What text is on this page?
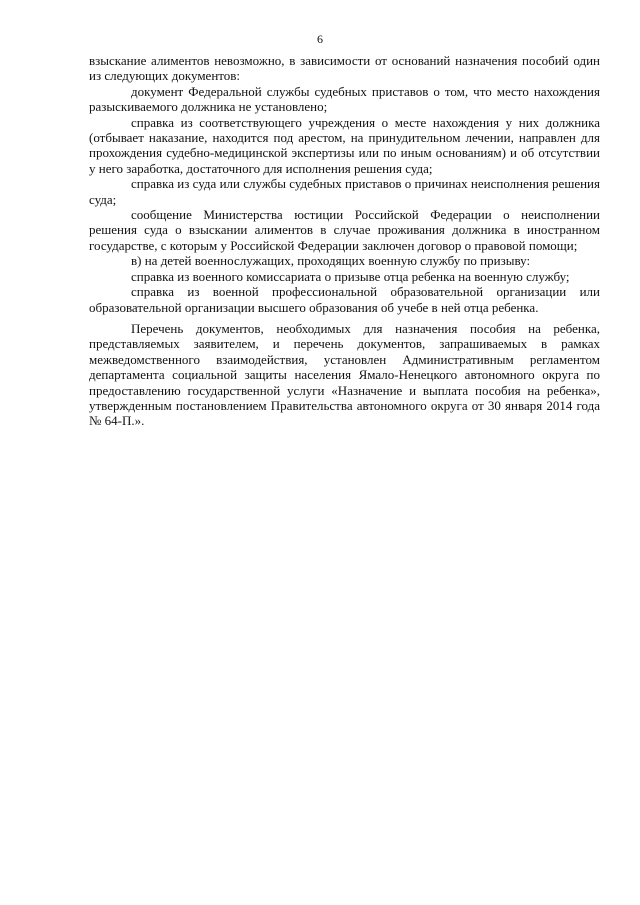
6

взыскание алиментов невозможно, в зависимости от оснований назначения пособий один из следующих документов:

документ Федеральной службы судебных приставов о том, что место нахождения разыскиваемого должника не установлено;

справка из соответствующего учреждения о месте нахождения у них должника (отбывает наказание, находится под арестом, на принудительном лечении, направлен для прохождения судебно-медицинской экспертизы или по иным основаниям) и об отсутствии у него заработка, достаточного для исполнения решения суда;

справка из суда или службы судебных приставов о причинах неисполнения решения суда;

сообщение Министерства юстиции Российской Федерации о неисполнении решения суда о взыскании алиментов в случае проживания должника в иностранном государстве, с которым у Российской Федерации заключен договор о правовой помощи;

в) на детей военнослужащих, проходящих военную службу по призыву:

справка из военного комиссариата о призыве отца ребенка на военную службу;

справка из военной профессиональной образовательной организации или образовательной организации высшего образования об учебе в ней отца ребенка.

Перечень документов, необходимых для назначения пособия на ребенка, представляемых заявителем, и перечень документов, запрашиваемых в рамках межведомственного взаимодействия, установлен Административным регламентом департамента социальной защиты населения Ямало-Ненецкого автономного округа по предоставлению государственной услуги «Назначение и выплата пособия на ребенка», утвержденным постановлением Правительства автономного округа от 30 января 2014 года № 64-П.».
